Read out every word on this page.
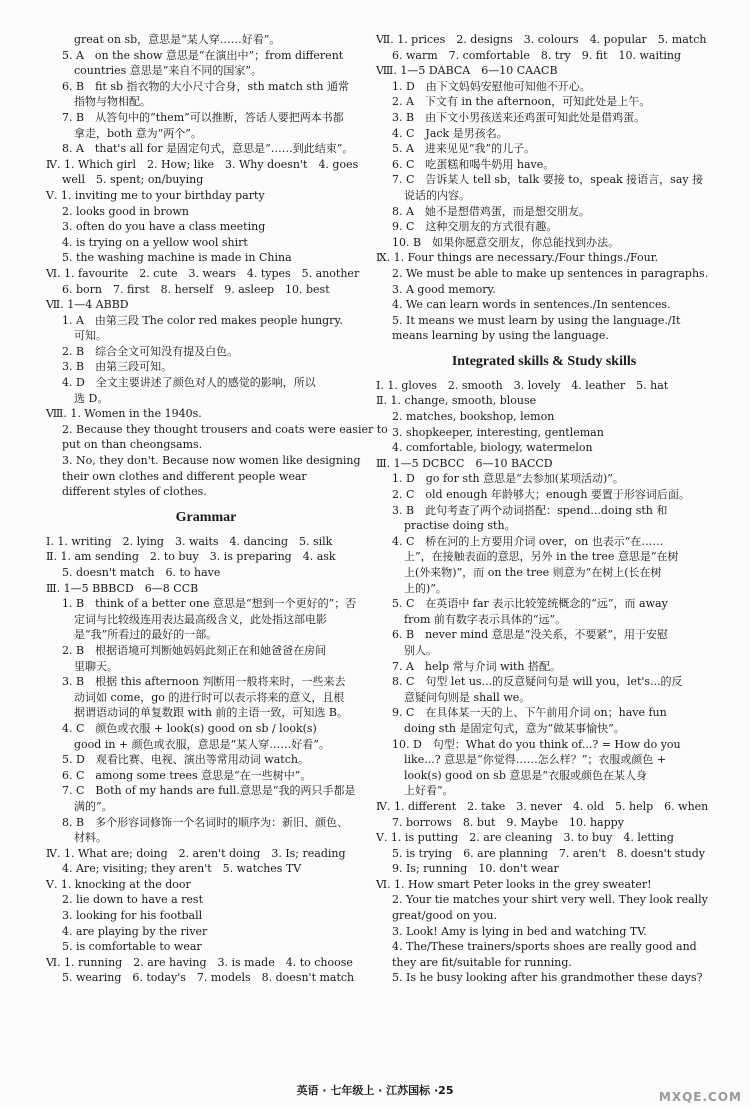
great on sb，意思是“某人穿……好看”。
5. A　on the show 意思是“在演出中”；from different
countries 意思是“来自不同的国家”。
6. B　fit sb 指衣物的大小尺寸合身，sth match sth 通常
指物与物相配。
7. B　从答句中的“them”可以推断，答话人要把两本书都
拿走，both 意为“两个”。
8. A　that's all for 是固定句式，意思是“……到此结束”。
Ⅳ. 1. Which girl　2. How; like　3. Why doesn't　4. goes
well　5. spent; on/buying
Ⅴ. 1. inviting me to your birthday party
2. looks good in brown
3. often do you have a class meeting
4. is trying on a yellow wool shirt
5. the washing machine is made in China
Ⅵ. 1. favourite　2. cute　3. wears　4. types　5. another
6. born　7. first　8. herself　9. asleep　10. best
Ⅶ. 1—4 ABBD
1. A　由第三段 The color red makes people hungry.
可知。
2. B　综合全文可知没有提及白色。
3. B　由第三段可知。
4. D　全文主要讲述了颜色对人的感觉的影响，所以
选 D。
Ⅷ. 1. Women in the 1940s.
2. Because they thought trousers and coats were easier to
put on than cheongsams.
3. No, they don't. Because now women like designing
their own clothes and different people wear
different styles of clothes.
Grammar
Ⅰ. 1. writing　2. lying　3. waits　4. dancing　5. silk
Ⅱ. 1. am sending　2. to buy　3. is preparing　4. ask
5. doesn't match　6. to have
Ⅲ. 1—5 BBBCD　6—8 CCB
1. B　think of a better one 意思是“想到一个更好的”；否
定词与比较级连用表达最高级含义，此处指这部电影
是“我”所看过的最好的一部。
2. B　根据语境可判断她妈妈此刻正在和她爸爸在房间
里聊天。
3. B　根据 this afternoon 判断用一般将来时，一些来去
动词如 come，go 的进行时可以表示将来的意义，且根
据谓语动词的单复数跟 with 前的主语一致，可知选 B。
4. C　颜色或衣服 + look(s) good on sb / look(s)
good in + 颜色或衣服，意思是“某人穿……好看”。
5. D　观看比赛、电视、演出等常用动词 watch。
6. C　among some trees 意思是“在一些树中”。
7. C　Both of my hands are full.意思是“我的两只手都是
满的”。
8. B　多个形容词修饰一个名词时的顺序为：新旧、颜色、
材料。
Ⅳ. 1. What are; doing　2. aren't doing　3. Is; reading
4. Are; visiting; they aren't　5. watches TV
Ⅴ. 1. knocking at the door
2. lie down to have a rest
3. looking for his football
4. are playing by the river
5. is comfortable to wear
Ⅵ. 1. running　2. are having　3. is made　4. to choose
5. wearing　6. today's　7. models　8. doesn't match
Ⅶ. 1. prices　2. designs　3. colours　4. popular　5. match
6. warm　7. comfortable　8. try　9. fit　10. waiting
Ⅷ. 1—5 DABCA　6—10 CAACB
1. D　由下文妈妈安慰他可知他不开心。
2. A　下文有 in the afternoon，可知此处是上午。
3. B　由下文小男孩送来还鸡蛋可知此处是借鸡蛋。
4. C　Jack 是男孩名。
5. A　进来见见“我”的儿子。
6. C　吃蛋糕和喝牛奶用 have。
7. C　告诉某人 tell sb，talk 要接 to，speak 接语言，say 接
说话的内容。
8. A　她不是想借鸡蛋，而是想交朋友。
9. C　这种交朋友的方式很有趣。
10. B　如果你愿意交朋友，你总能找到办法。
Ⅸ. 1. Four things are necessary./Four things./Four.
2. We must be able to make up sentences in paragraphs.
3. A good memory.
4. We can learn words in sentences./In sentences.
5. It means we must learn by using the language./It
means learning by using the language.
Integrated skills & Study skills
Ⅰ. 1. gloves　2. smooth　3. lovely　4. leather　5. hat
Ⅱ. 1. change, smooth, blouse
2. matches, bookshop, lemon
3. shopkeeper, interesting, gentleman
4. comfortable, biology, watermelon
Ⅲ. 1—5 DCBCC　6—10 BACCD
1. D　go for sth 意思是“去参加(某项活动)”。
2. C　old enough 年龄够大；enough 要置于形容词后面。
3. B　此句考查了两个动词搭配：spend...doing sth 和
practise doing sth。
4. C　桥在河的上方要用介词 over，on 也表示“在……
上”，在接触表面的意思，另外 in the tree 意思是“在树
上(外来物)”，而 on the tree 则意为“在树上(长在树
上的)”。
5. C　在英语中 far 表示比较笼统概念的“远”，而 away
from 前有数字表示具体的“远”。
6. B　never mind 意思是“没关系，不要紧”，用于安慰
别人。
7. A　help 常与介词 with 搭配。
8. C　句型 let us...的反意疑问句是 will you，let's...的反
意疑问句则是 shall we。
9. C　在具体某一天的上、下午前用介词 on；have fun
doing sth 是固定句式，意为“做某事愉快”。
10. D　句型：What do you think of...? = How do you
like...? 意思是“你觉得……怎么样？”；衣服或颜色 +
look(s) good on sb 意思是“衣服或颜色在某人身
上好看”。
Ⅳ. 1. different　2. take　3. never　4. old　5. help　6. when
7. borrows　8. but　9. Maybe　10. happy
Ⅴ. 1. is putting　2. are cleaning　3. to buy　4. letting
5. is trying　6. are planning　7. aren't　8. doesn't study
9. Is; running　10. don't wear
Ⅵ. 1. How smart Peter looks in the grey sweater!
2. Your tie matches your shirt very well. They look really
great/good on you.
3. Look! Amy is lying in bed and watching TV.
4. The/These trainers/sports shoes are really good and
they are fit/suitable for running.
5. Is he busy looking after his grandmother these days?
英语 · 七年级上 · 江苏国标 ·25	MXQE.COM
